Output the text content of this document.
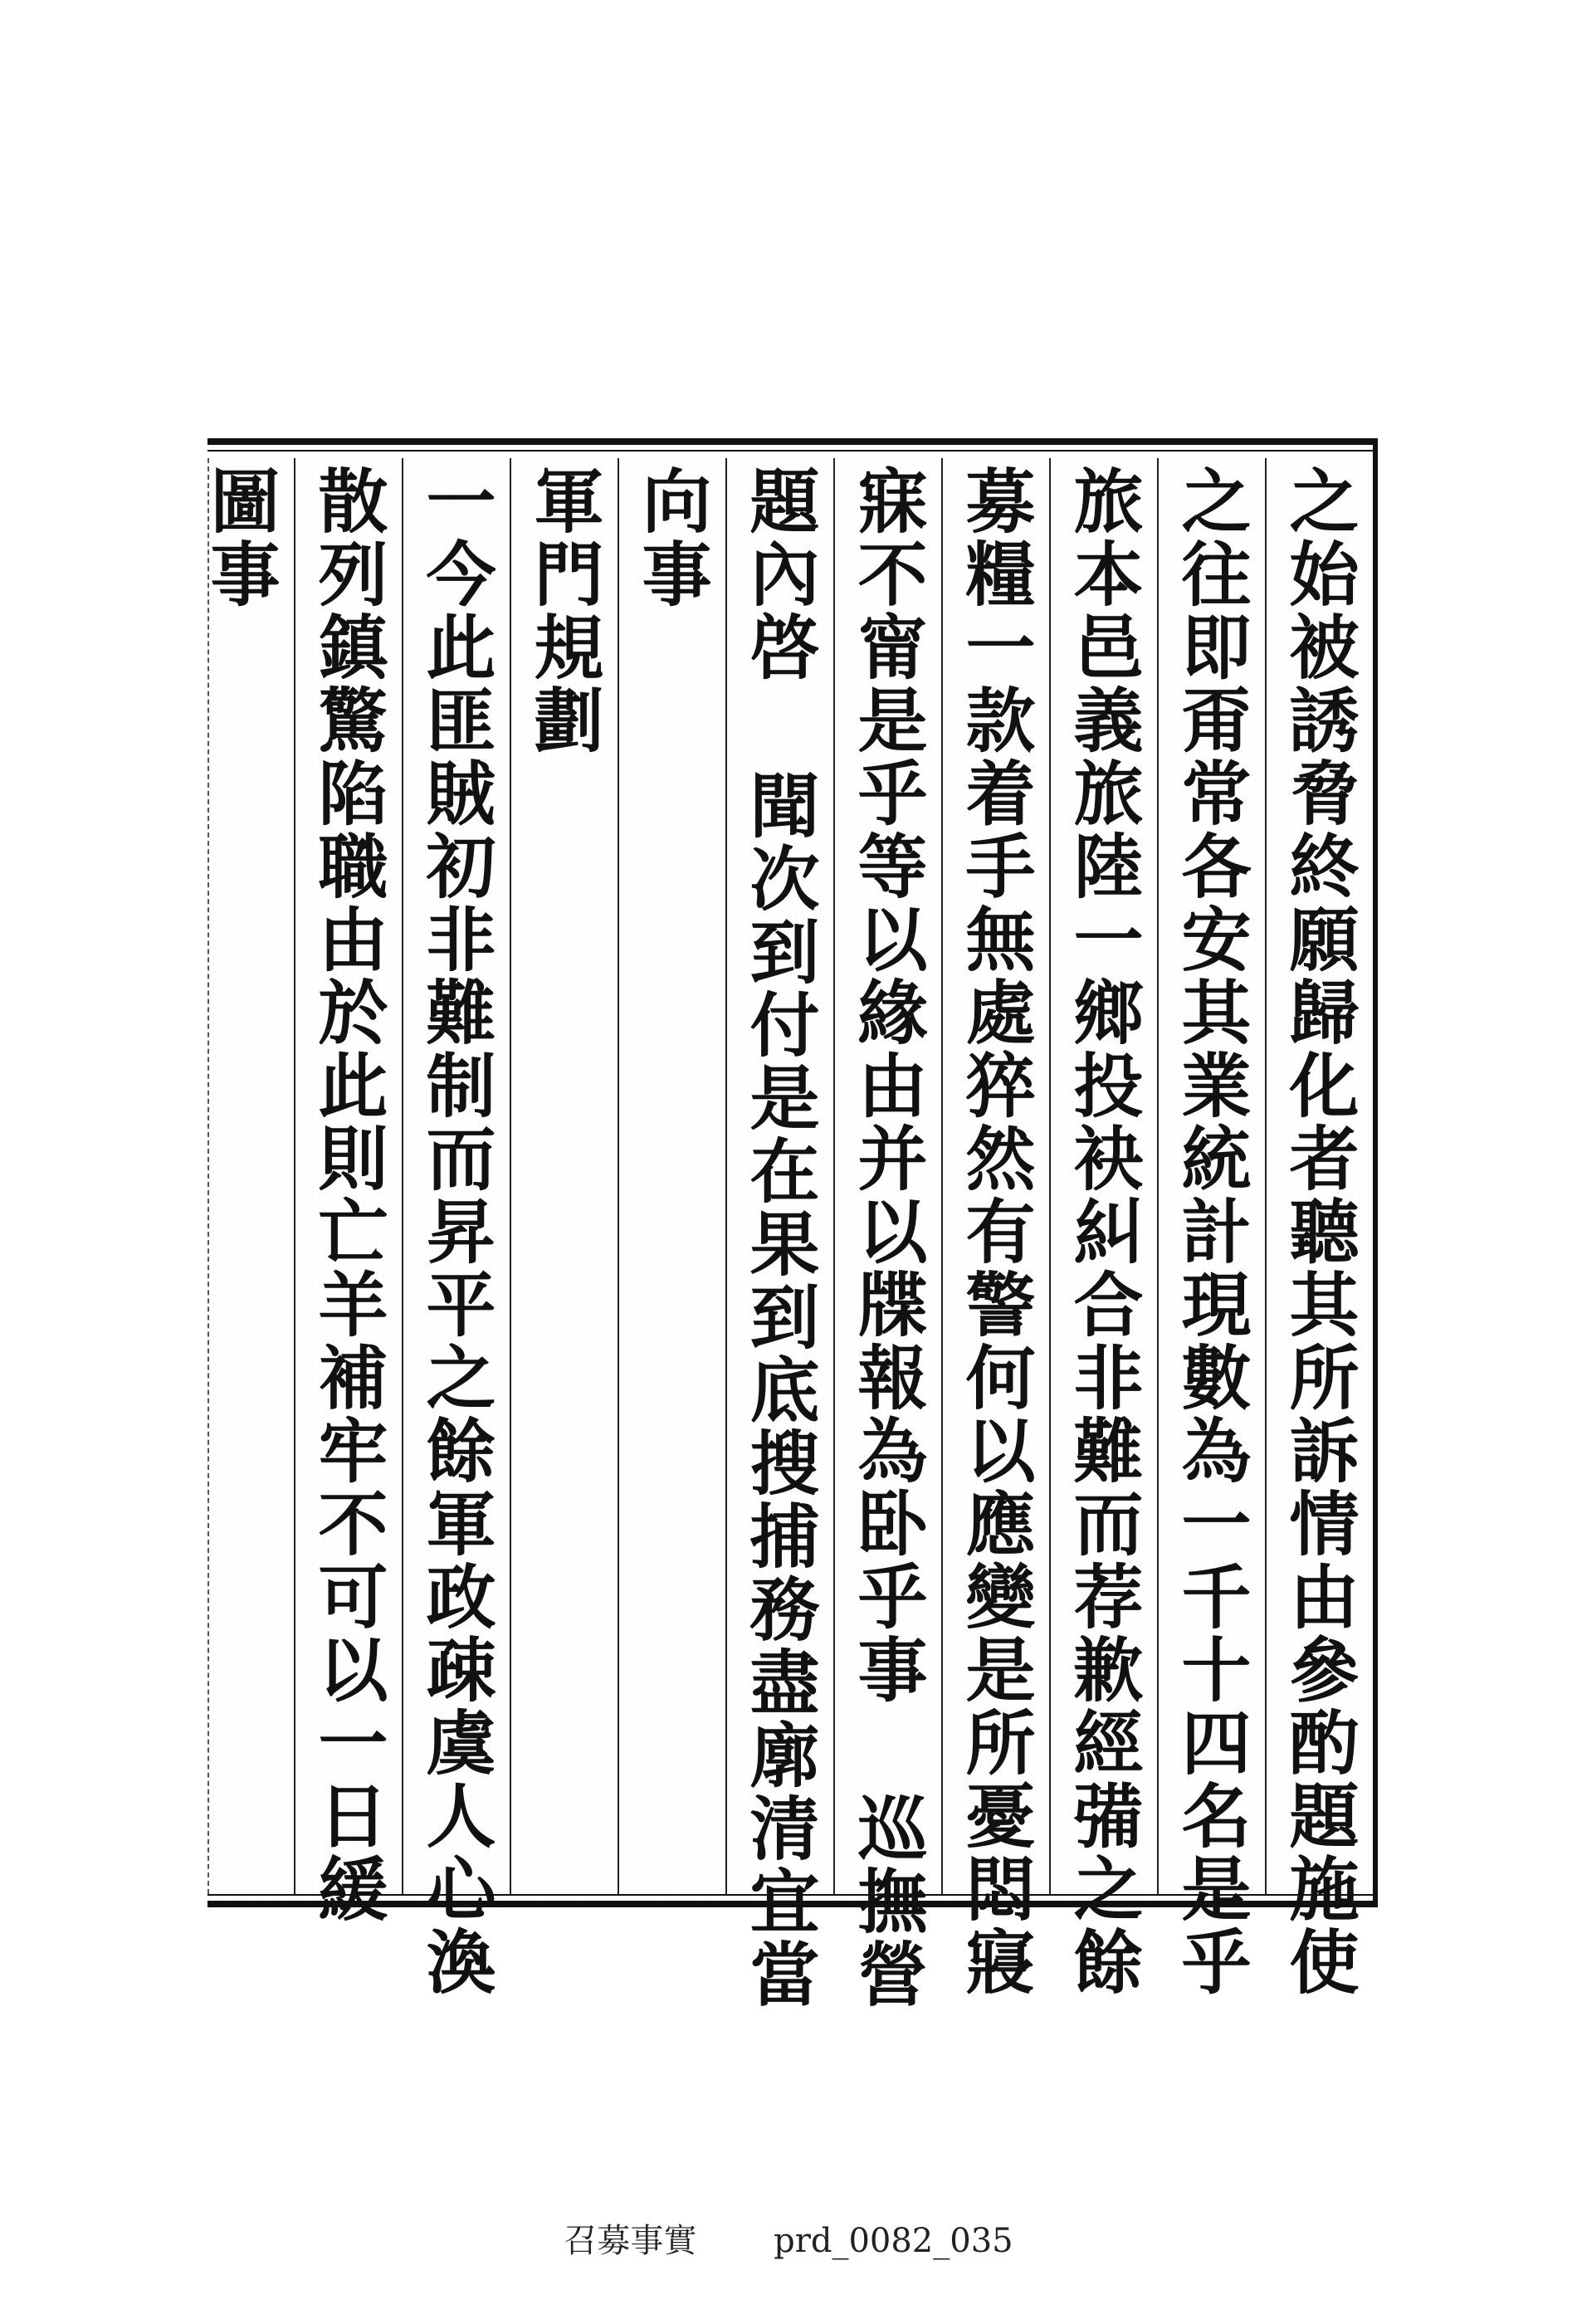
之始被誘脅終願歸化者聽其所訴情由參酌題施使
之往即甭常各安其業統計現數為一千十四名是乎
旅本邑義旅陸一鄉投袂糾合非難而荐歉經㣁之餘
募糧一款着手無處猝然有警何以應變是所憂悶寢
寐不甯是乎等以緣由并以牒報為卧乎事 巡撫營
題內啓 聞次到付是在果到底搜捕務盡廓清宜當
向事
軍門規劃
一今此匪賊初非難制而昇平之餘軍政疎虞人心渙
散列鎮驚陷職由於此則亡羊補牢不可以一日緩
圖事
召募事實 prd_0082_035
